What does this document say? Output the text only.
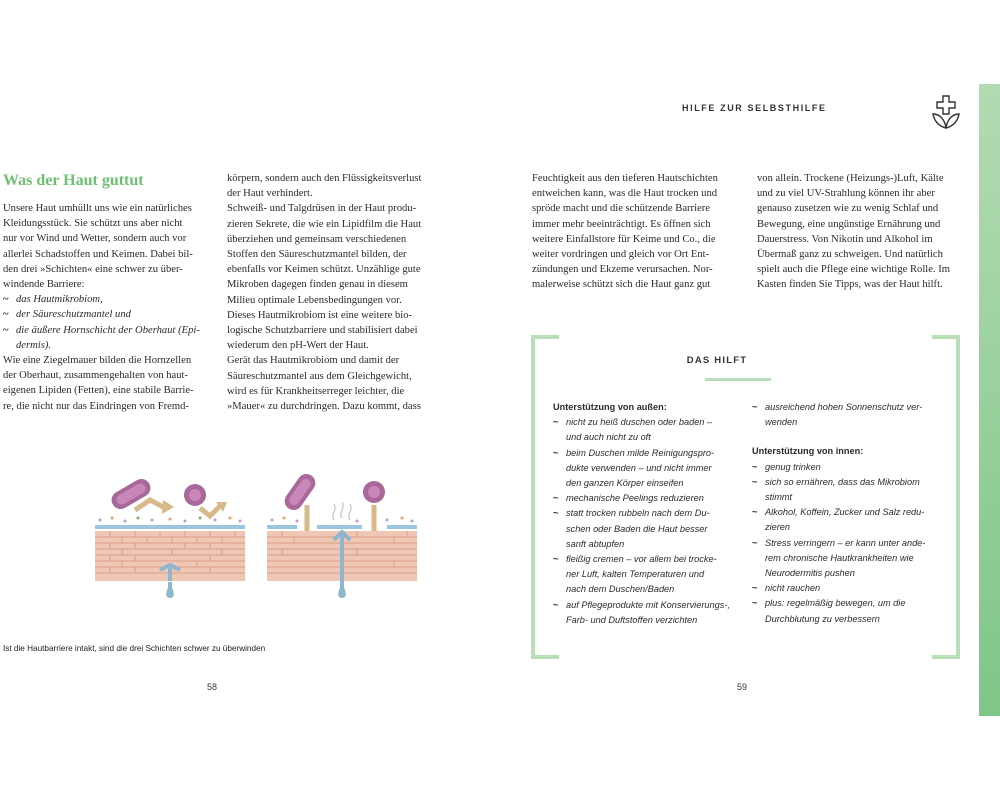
Was der Haut guttut
Unsere Haut umhüllt uns wie ein natürliches
Kleidungsstück. Sie schützt uns aber nicht
nur vor Wind und Wetter, sondern auch vor
allerlei Schadstoffen und Keimen. Dabei bil-
den drei »Schichten« eine schwer zu über-
windende Barriere:
~ das Hautmikrobiom,
~ der Säureschutzmantel und
~ die äußere Hornschicht der Oberhaut (Epi-
dermis).
Wie eine Ziegelmauer bilden die Hornzellen
der Oberhaut, zusammengehalten von haut-
eigenen Lipiden (Fetten), eine stabile Barrie-
re, die nicht nur das Eindringen von Fremd-
körpern, sondern auch den Flüssigkeitsverlust
der Haut verhindert.
Schweiß- und Talgdrüsen in der Haut produ-
zieren Sekrete, die wie ein Lipidfilm die Haut
überziehen und gemeinsam verschiedenen
Stoffen den Säureschutzmantel bilden, der
ebenfalls vor Keimen schützt. Unzählige gute
Mikroben dagegen finden genau in diesem
Milieu optimale Lebensbedingungen vor.
Dieses Hautmikrobiom ist eine weitere bio-
logische Schutzbarriere und stabilisiert dabei
wiederum den pH-Wert der Haut.
Gerät das Hautmikrobiom und damit der
Säureschutzmantel aus dem Gleichgewicht,
wird es für Krankheitserreger leichter, die
»Mauer« zu durchdringen. Dazu kommt, dass

Ist die Hautbarriere intakt, sind die drei Schichten schwer zu überwinden

58

HILFE ZUR SELBSTHILFE

Feuchtigkeit aus den tieferen Hautschichten
entweichen kann, was die Haut trocken und
spröde macht und die schützende Barriere
immer mehr beeinträchtigt. Es öffnen sich
weitere Einfallstore für Keime und Co., die
weiter vordringen und gleich vor Ort Ent-
zündungen und Ekzeme verursachen. Nor-
malerweise schützt sich die Haut ganz gut
von allein. Trockene (Heizungs-)Luft, Kälte
und zu viel UV-Strahlung können ihr aber
genauso zusetzen wie zu wenig Schlaf und
Bewegung, eine ungünstige Ernährung und
Dauerstress. Von Nikotin und Alkohol im
Übermaß ganz zu schweigen. Und natürlich
spielt auch die Pflege eine wichtige Rolle. Im
Kasten finden Sie Tipps, was der Haut hilft.

DAS HILFT

Unterstützung von außen:
~ nicht zu heiß duschen oder baden –
und auch nicht zu oft
~ beim Duschen milde Reinigungspro-
dukte verwenden – und nicht immer
den ganzen Körper einseifen
~ mechanische Peelings reduzieren
~ statt trocken rubbeln nach dem Du-
schen oder Baden die Haut besser
sanft abtupfen
~ fleißig cremen – vor allem bei trocke-
ner Luft, kalten Temperaturen und
nach dem Duschen/Baden
~ auf Pflegeprodukte mit Konservierungs-,
Farb- und Duftstoffen verzichten
~ ausreichend hohen Sonnenschutz ver-
wenden
Unterstützung von innen:
~ genug trinken
~ sich so ernähren, dass das Mikrobiom
stimmt
~ Alkohol, Koffein, Zucker und Salz redu-
zieren
~ Stress verringern – er kann unter ande-
rem chronische Hautkrankheiten wie
Neurodermitis pushen
~ nicht rauchen
~ plus: regelmäßig bewegen, um die
Durchblutung zu verbessern

59
